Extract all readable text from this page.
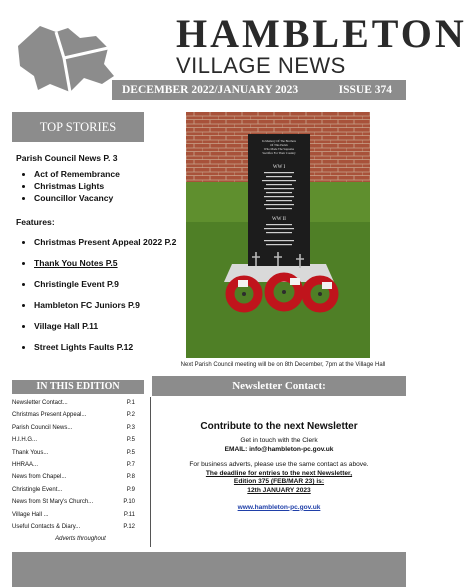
HAMBLETON
VILLAGE NEWS
DECEMBER 2022/JANUARY 2023	ISSUE 374
TOP STORIES
Parish Council News P. 3
• Act of Remembrance
• Christmas Lights
• Councillor Vacancy
Features:
• Christmas Present Appeal 2022 P.2
• Thank You Notes P.5
• Christingle Event P.9
• Hambleton FC Juniors P.9
• Village Hall P.11
• Street Lights Faults P.12
In Memory Of The Brothers
Of This Parish
Who Made The Supreme
Sacrifice For Their Country
WW I
WW II
Next Parish Council meeting will be on 8th December, 7pm at the Village Hall
IN THIS EDITION
Newsletter Contact...	P.1
Christmas Present Appeal...	P.2
Parish Council News...	P.3
H.I.H.G...	P.5
Thank Yous...	P.5
HHRAA...	P.7
News from Chapel...	P.8
Christingle Event...	P.9
News from St Mary's Church...	P.10
Village Hall ...	P.11
Useful Contacts & Diary...	P.12
Adverts throughout
Newsletter Contact:
Contribute to the next Newsletter
Get in touch with the Clerk
EMAIL: info@hambleton-pc.gov.uk
For business adverts, please use the same contact as above.
The deadline for entries to the next Newsletter,
Edition 375 (FEB/MAR 23) is:
12th JANUARY 2023
www.hambleton-pc.gov.uk
